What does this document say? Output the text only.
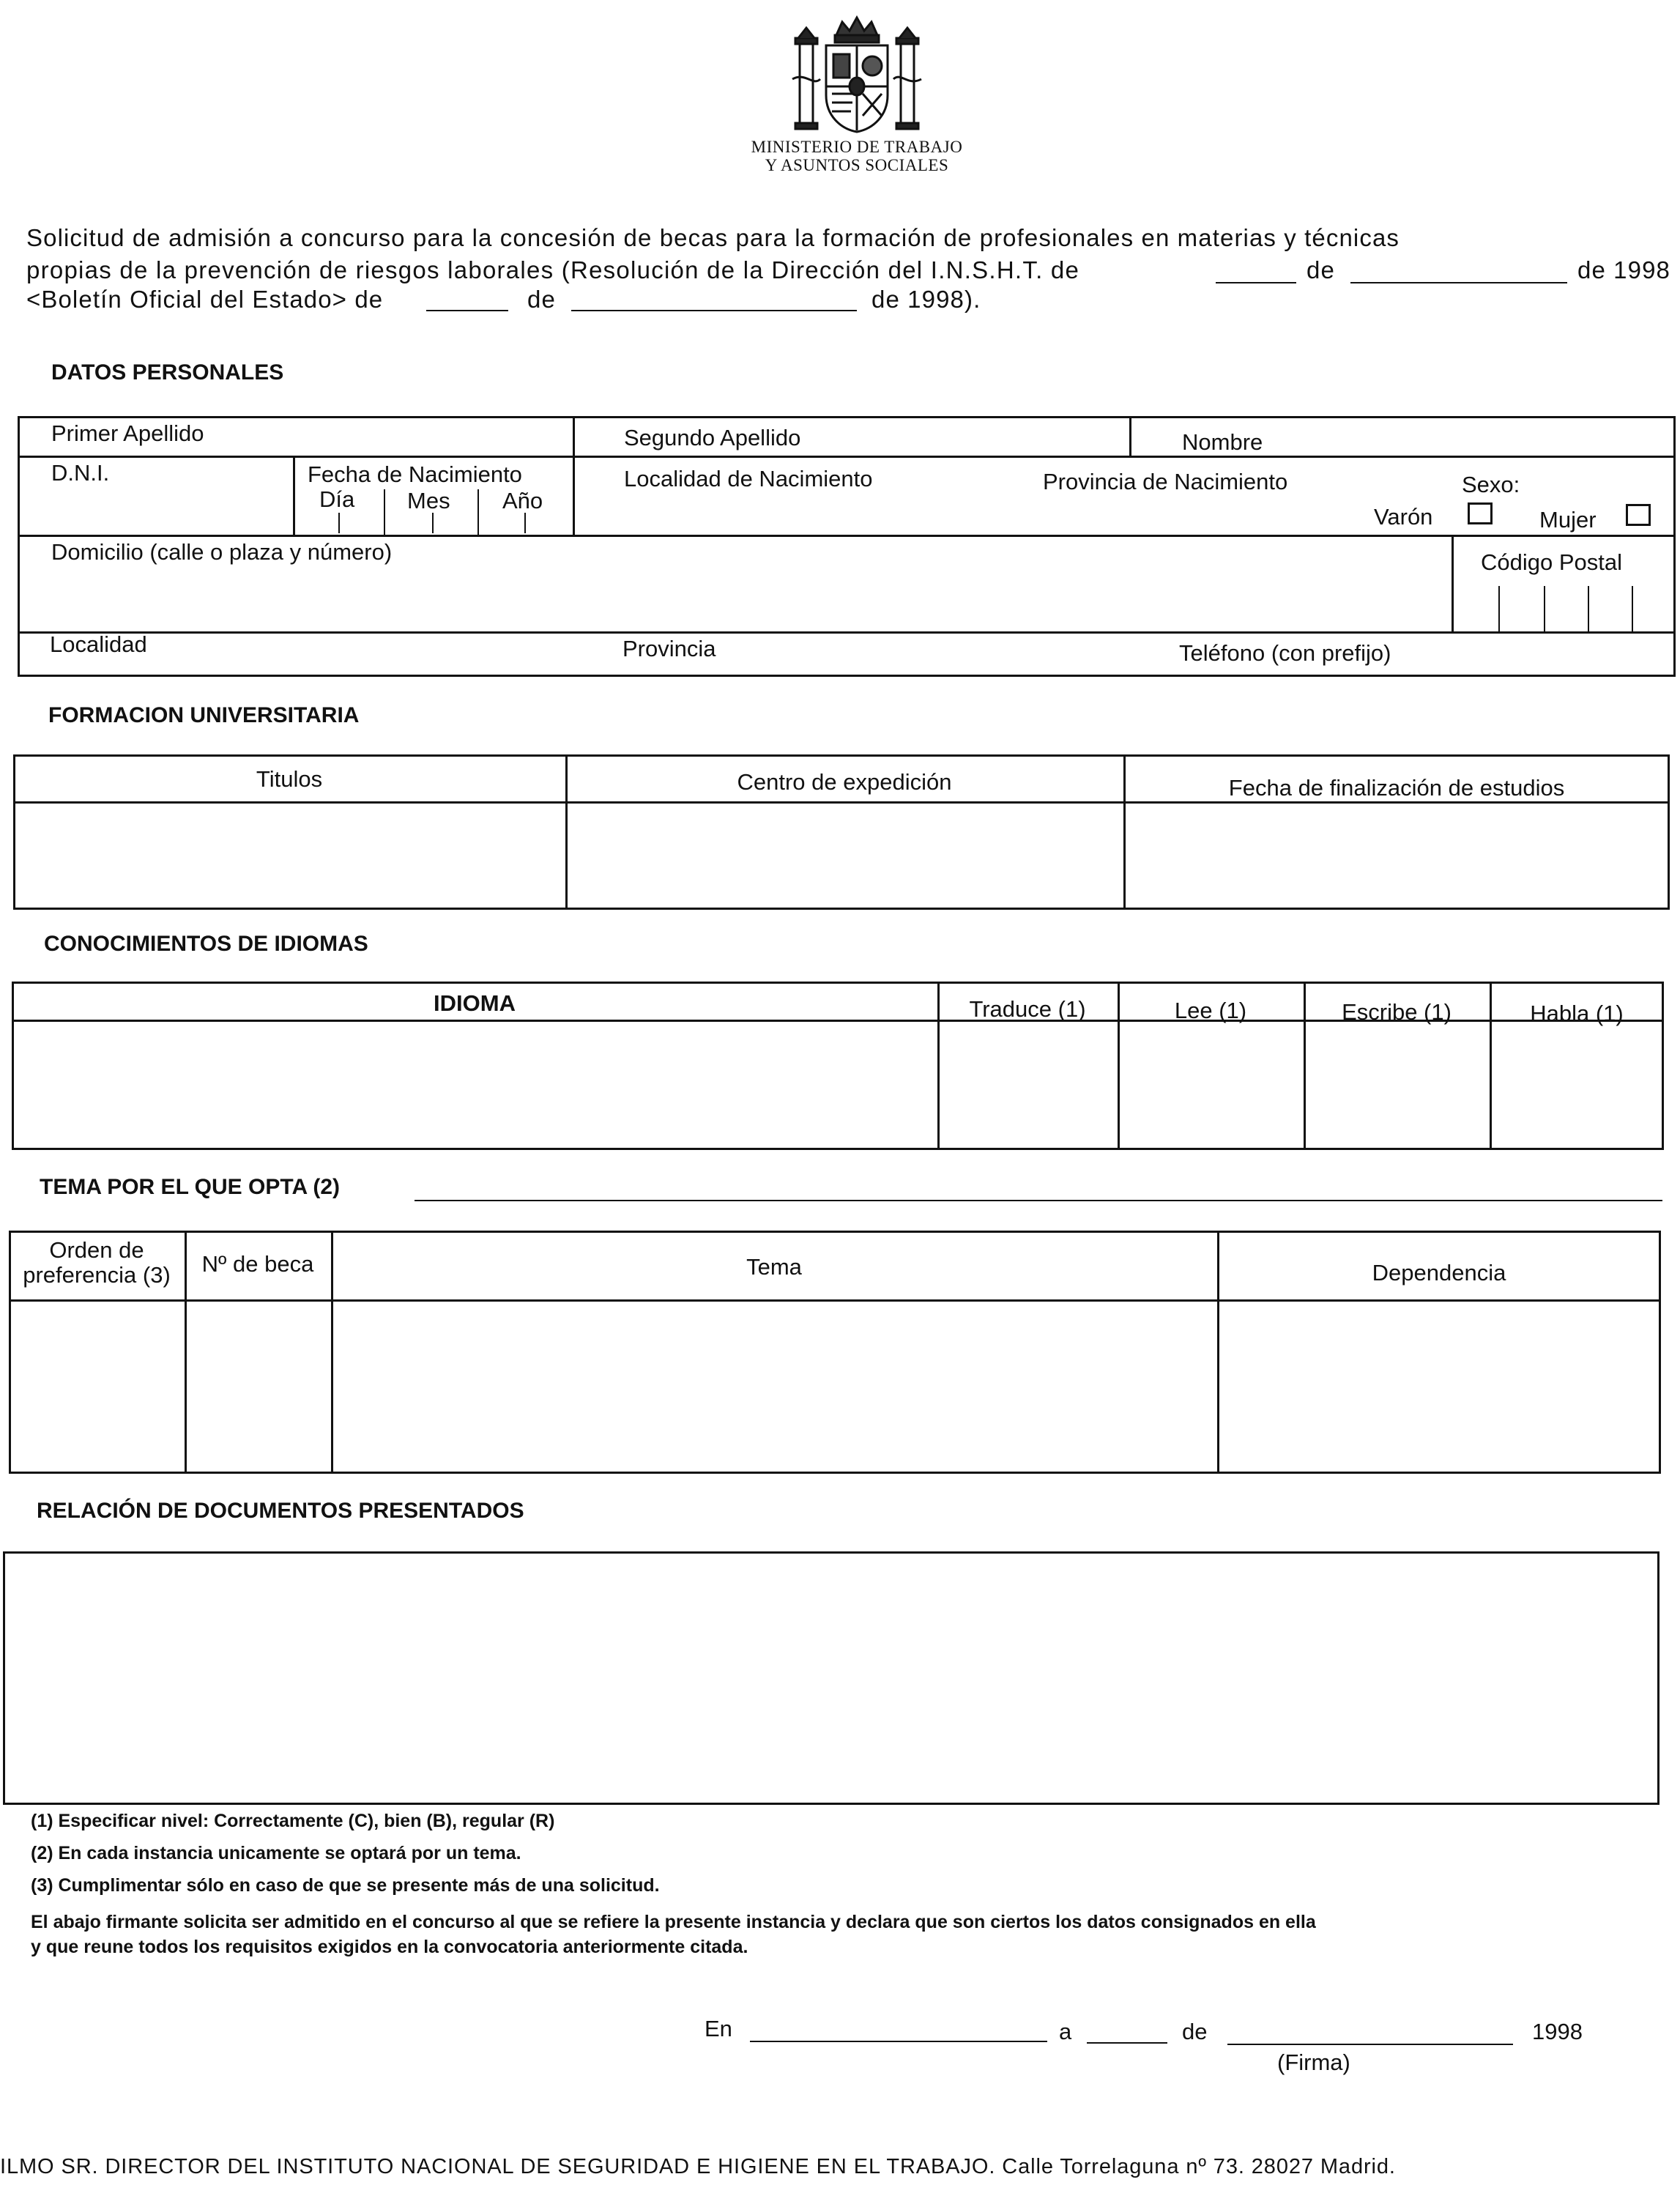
MINISTERIO DE TRABAJO
Y ASUNTOS SOCIALES
Solicitud de admisión a concurso para la concesión de becas para la formación de profesionales en materias y técnicas
propias de la prevención de riesgos laborales (Resolución de la Dirección del I.N.S.H.T. de	de	de 1998
<Boletín Oficial del Estado> de	de	de 1998).
DATOS PERSONALES
Primer Apellido	Segundo Apellido	Nombre
D.N.I.	Fecha de Nacimiento
Día Mes Año
Localidad de Nacimiento	Provincia de Nacimiento	Sexo:
Varón	Mujer
Domicilio (calle o plaza y número)	Código Postal
Localidad	Provincia	Teléfono (con prefijo)
FORMACION UNIVERSITARIA
Titulos	Centro de expedición	Fecha de finalización de estudios
CONOCIMIENTOS DE IDIOMAS
IDIOMA	Traduce (1)	Lee (1)	Escribe (1)	Habla (1)
TEMA POR EL QUE OPTA (2)
Orden de
preferencia (3)	Nº de beca	Tema	Dependencia
RELACIÓN DE DOCUMENTOS PRESENTADOS
(1) Especificar nivel: Correctamente (C), bien (B), regular (R)
(2) En cada instancia unicamente se optará por un tema.
(3) Cumplimentar sólo en caso de que se presente más de una solicitud.
El abajo firmante solicita ser admitido en el concurso al que se refiere la presente instancia y declara que son ciertos los datos consignados en ella
y que reune todos los requisitos exigidos en la convocatoria anteriormente citada.
En	a	de	1998
(Firma)
ILMO SR. DIRECTOR DEL INSTITUTO NACIONAL DE SEGURIDAD E HIGIENE EN EL TRABAJO. Calle Torrelaguna nº 73. 28027 Madrid.
